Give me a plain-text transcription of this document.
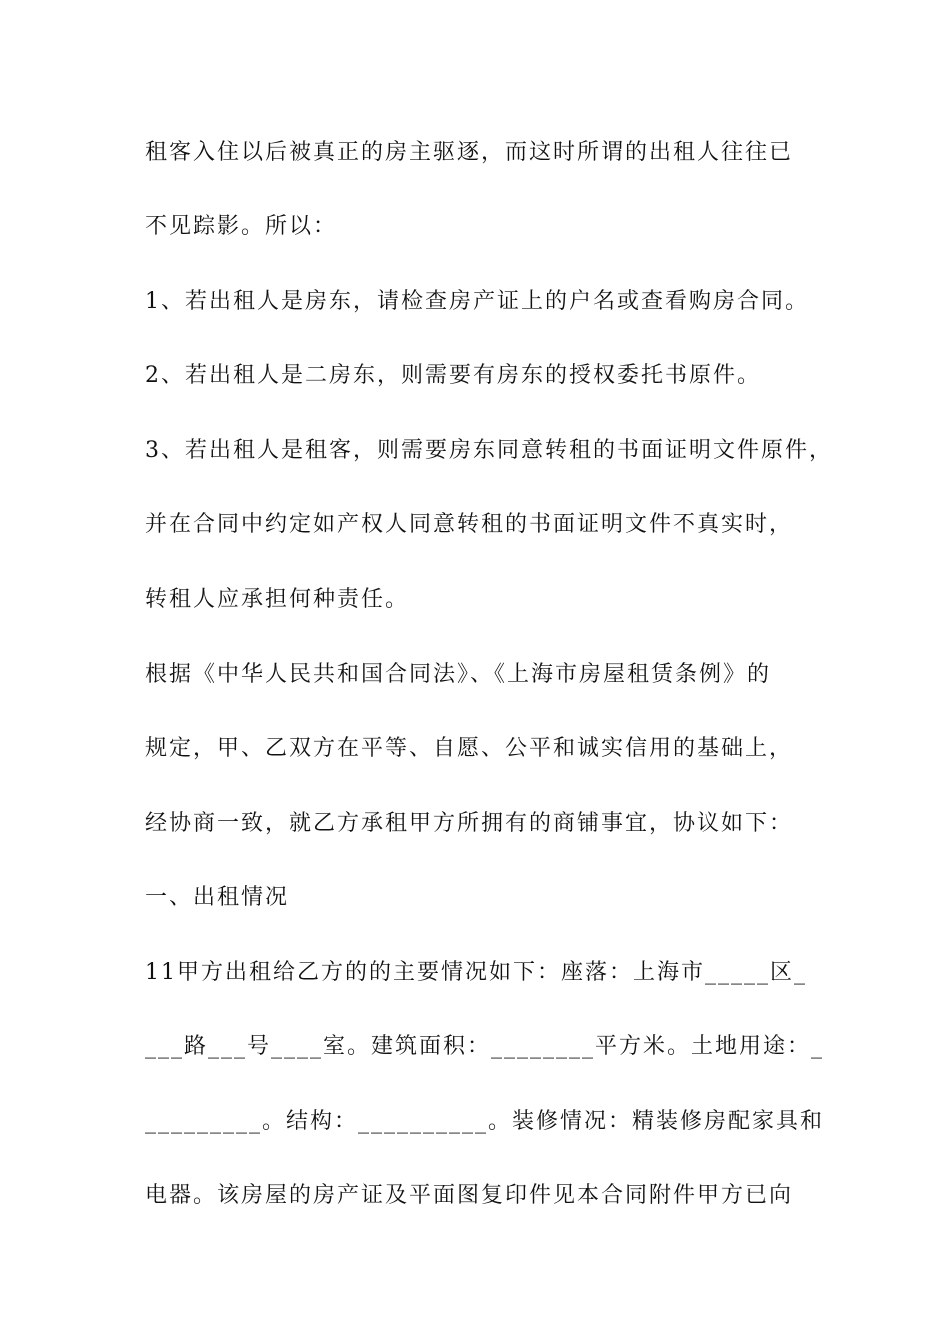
租客入住以后被真正的房主驱逐，而这时所谓的出租人往往已
不见踪影。所以：
1、若出租人是房东，请检查房产证上的户名或查看购房合同。
2、若出租人是二房东，则需要有房东的授权委托书原件。
3、若出租人是租客，则需要房东同意转租的书面证明文件原件，
并在合同中约定如产权人同意转租的书面证明文件不真实时，
转租人应承担何种责任。
根据《中华人民共和国合同法》、《上海市房屋租赁条例》的
规定，甲、乙双方在平等、自愿、公平和诚实信用的基础上，
经协商一致，就乙方承租甲方所拥有的商铺事宜，协议如下：
一、出租情况
11甲方出租给乙方的的主要情况如下：座落：上海市_____区_
___路___号____室。建筑面积：________平方米。土地用途：_
_________。结构：__________。装修情况：精装修房配家具和
电器。该房屋的房产证及平面图复印件见本合同附件甲方已向
